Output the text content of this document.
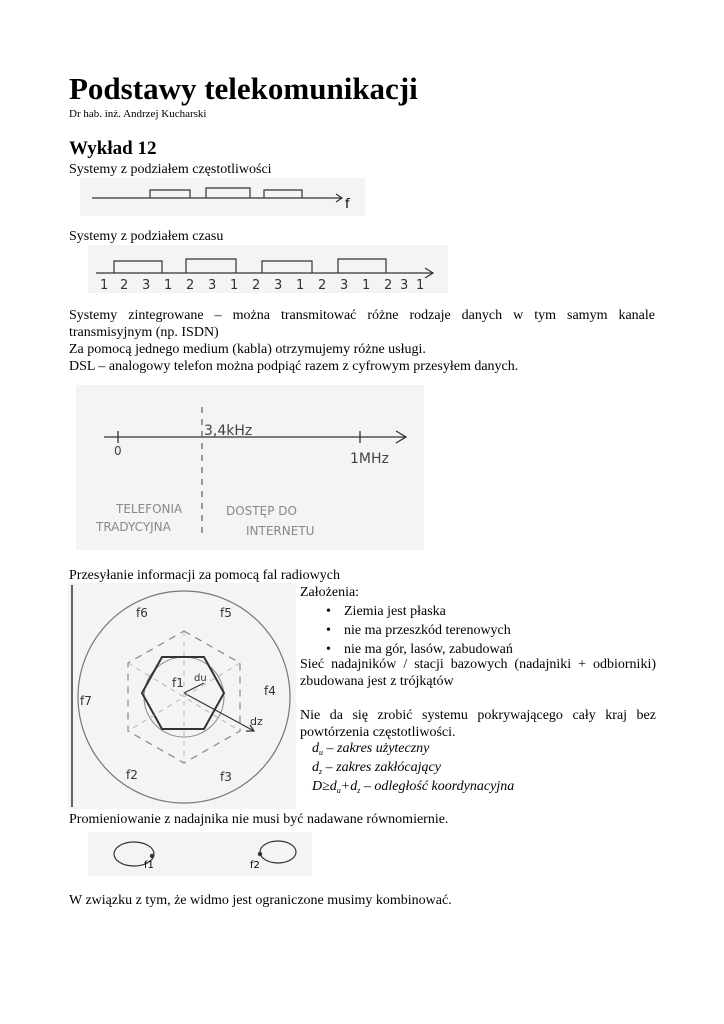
Podstawy telekomunikacji
Dr hab. inż. Andrzej Kucharski
Wykład 12
Systemy z podziałem częstotliwości
f
Systemy z podziałem czasu
1 2 3 1 2 3 1 2 3 1 2 3 1 2 3 1
Systemy zintegrowane – można transmitować różne rodzaje danych w tym samym kanale transmisyjnym (np. ISDN)
Za pomocą jednego medium (kabla) otrzymujemy różne usługi.
DSL – analogowy telefon można podpiąć razem z cyfrowym przesyłem danych.
0
3,4kHz
1MHz
TELEFONIA
TRADYCYJNA
DOSTĘP DO
INTERNETU
Przesyłanie informacji za pomocą fal radiowych
f1 du
dz
f6	f5
f7
f4
f2	f3
Założenia:
• Ziemia jest płaska
• nie ma przeszkód terenowych
• nie ma gór, lasów, zabudowań
Sieć nadajników / stacji bazowych (nadajniki + odbiorniki) zbudowana jest z trójkątów
Nie da się zrobić systemu pokrywającego cały kraj bez powtórzenia częstotliwości.
$d_u$ – zakres użyteczny
$d_z$ – zakres zakłócający
$D\ge d_u+d_z$ – odległość koordynacyjna
Promieniowanie z nadajnika nie musi być nadawane równomiernie.
f1	f2
W związku z tym, że widmo jest ograniczone musimy kombinować.
